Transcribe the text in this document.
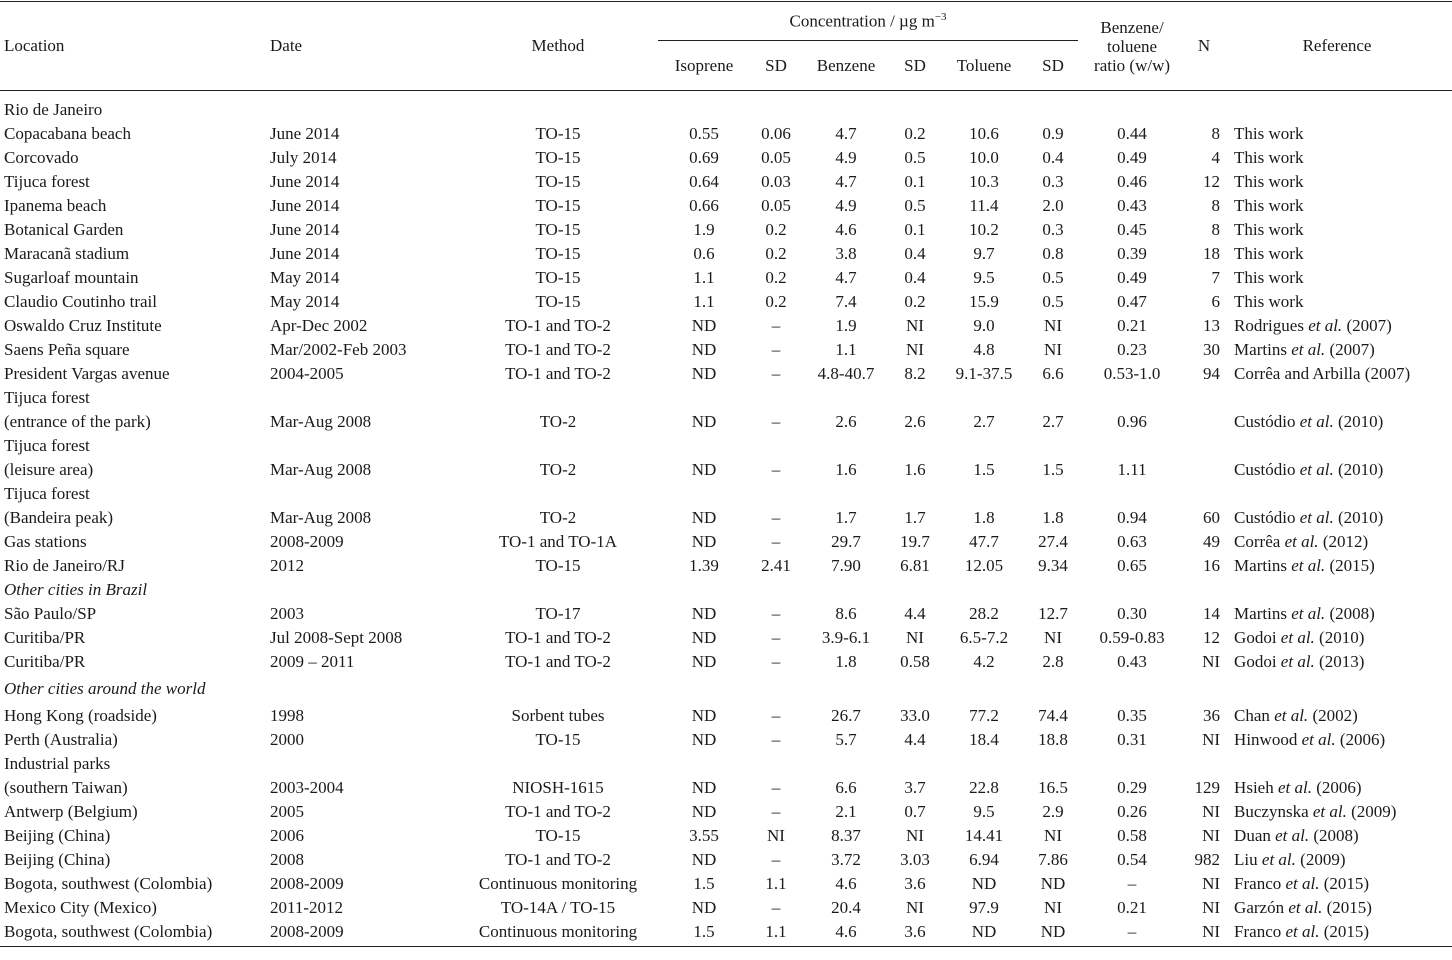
Location	Date	Method	Concentration / µg $m^{-3}$						Benzene/
toluene
ratio (w/w)	N	Reference
			Isoprene	SD	Benzene	SD	Toluene	SD			

Rio de Janeiro											
Copacabana beach	June 2014	TO-15	0.55	0.06	4.7	0.2	10.6	0.9	0.44	8	This work
Corcovado	July 2014	TO-15	0.69	0.05	4.9	0.5	10.0	0.4	0.49	4	This work
Tijuca forest	June 2014	TO-15	0.64	0.03	4.7	0.1	10.3	0.3	0.46	12	This work
Ipanema beach	June 2014	TO-15	0.66	0.05	4.9	0.5	11.4	2.0	0.43	8	This work
Botanical Garden	June 2014	TO-15	1.9	0.2	4.6	0.1	10.2	0.3	0.45	8	This work
Maracanã stadium	June 2014	TO-15	0.6	0.2	3.8	0.4	9.7	0.8	0.39	18	This work
Sugarloaf mountain	May 2014	TO-15	1.1	0.2	4.7	0.4	9.5	0.5	0.49	7	This work
Claudio Coutinho trail	May 2014	TO-15	1.1	0.2	7.4	0.2	15.9	0.5	0.47	6	This work
Oswaldo Cruz Institute	Apr-Dec 2002	TO-1 and TO-2	ND	–	1.9	NI	9.0	NI	0.21	13	Rodrigues et al. (2007)
Saens Peña square	Mar/2002-Feb 2003	TO-1 and TO-2	ND	–	1.1	NI	4.8	NI	0.23	30	Martins et al. (2007)
President Vargas avenue	2004-2005	TO-1 and TO-2	ND	–	4.8-40.7	8.2	9.1-37.5	6.6	0.53-1.0	94	Corrêa and Arbilla (2007)
Tijuca forest											
(entrance of the park)	Mar-Aug 2008	TO-2	ND	–	2.6	2.6	2.7	2.7	0.96		Custódio et al. (2010)
Tijuca forest											
(leisure area)	Mar-Aug 2008	TO-2	ND	–	1.6	1.6	1.5	1.5	1.11		Custódio et al. (2010)
Tijuca forest											
(Bandeira peak)	Mar-Aug 2008	TO-2	ND	–	1.7	1.7	1.8	1.8	0.94	60	Custódio et al. (2010)
Gas stations	2008-2009	TO-1 and TO-1A	ND	–	29.7	19.7	47.7	27.4	0.63	49	Corrêa et al. (2012)
Rio de Janeiro/RJ	2012	TO-15	1.39	2.41	7.90	6.81	12.05	9.34	0.65	16	Martins et al. (2015)
Other cities in Brazil											
São Paulo/SP	2003	TO-17	ND	–	8.6	4.4	28.2	12.7	0.30	14	Martins et al. (2008)
Curitiba/PR	Jul 2008-Sept 2008	TO-1 and TO-2	ND	–	3.9-6.1	NI	6.5-7.2	NI	0.59-0.83	12	Godoi et al. (2010)
Curitiba/PR	2009 – 2011	TO-1 and TO-2	ND	–	1.8	0.58	4.2	2.8	0.43	NI	Godoi et al. (2013)
Other cities around the world											
Hong Kong (roadside)	1998	Sorbent tubes	ND	–	26.7	33.0	77.2	74.4	0.35	36	Chan et al. (2002)
Perth (Australia)	2000	TO-15	ND	–	5.7	4.4	18.4	18.8	0.31	NI	Hinwood et al. (2006)
Industrial parks											
(southern Taiwan)	2003-2004	NIOSH-1615	ND	–	6.6	3.7	22.8	16.5	0.29	129	Hsieh et al. (2006)
Antwerp (Belgium)	2005	TO-1 and TO-2	ND	–	2.1	0.7	9.5	2.9	0.26	NI	Buczynska et al. (2009)
Beijing (China)	2006	TO-15	3.55	NI	8.37	NI	14.41	NI	0.58	NI	Duan et al. (2008)
Beijing (China)	2008	TO-1 and TO-2	ND	–	3.72	3.03	6.94	7.86	0.54	982	Liu et al. (2009)
Bogota, southwest (Colombia)	2008-2009	Continuous monitoring	1.5	1.1	4.6	3.6	ND	ND	–	NI	Franco et al. (2015)
Mexico City (Mexico)	2011-2012	TO-14A / TO-15	ND	–	20.4	NI	97.9	NI	0.21	NI	Garzón et al. (2015)
Bogota, southwest (Colombia)	2008-2009	Continuous monitoring	1.5	1.1	4.6	3.6	ND	ND	–	NI	Franco et al. (2015)
